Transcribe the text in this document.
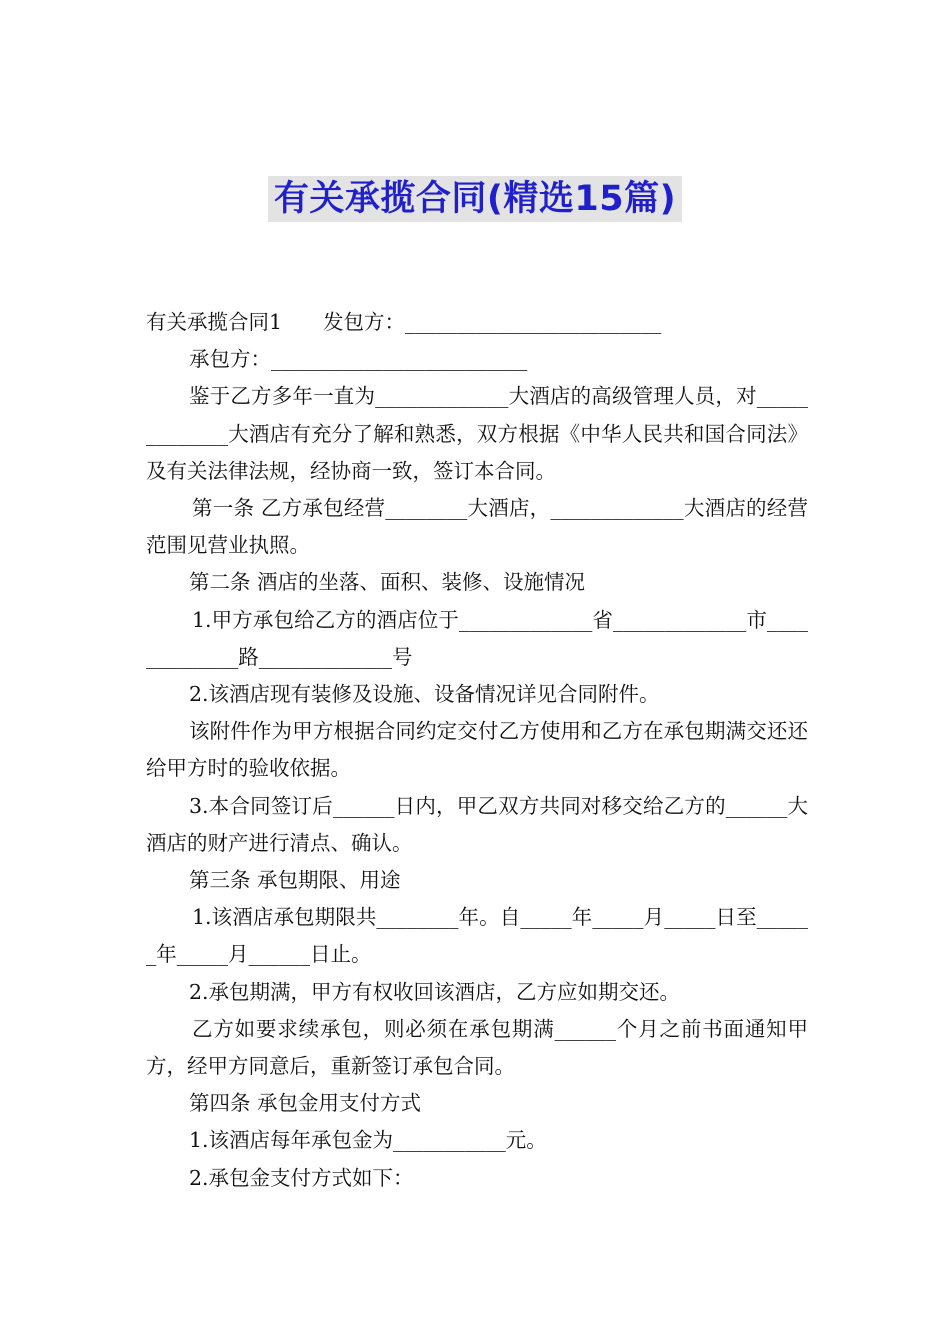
有关承揽合同(精选15篇)

有关承揽合同1　　发包方：_________________________

承包方：_________________________

鉴于乙方多年一直为_____________大酒店的高级管理人员，对_____________大酒店有充分了解和熟悉，双方根据《中华人民共和国合同法》及有关法律法规，经协商一致，签订本合同。

第一条 乙方承包经营________大酒店，_____________大酒店的经营范围见营业执照。

第二条 酒店的坐落、面积、装修、设施情况

1.甲方承包给乙方的酒店位于_____________省_____________市_____________路_____________号

2.该酒店现有装修及设施、设备情况详见合同附件。

该附件作为甲方根据合同约定交付乙方使用和乙方在承包期满交还还给甲方时的验收依据。

3.本合同签订后______日内，甲乙双方共同对移交给乙方的______大酒店的财产进行清点、确认。

第三条 承包期限、用途

1.该酒店承包期限共________年。自_____年_____月_____日至______年_____月______日止。

2.承包期满，甲方有权收回该酒店，乙方应如期交还。

乙方如要求续承包，则必须在承包期满______个月之前书面通知甲方，经甲方同意后，重新签订承包合同。

第四条 承包金用支付方式

1.该酒店每年承包金为___________元。

2.承包金支付方式如下：
